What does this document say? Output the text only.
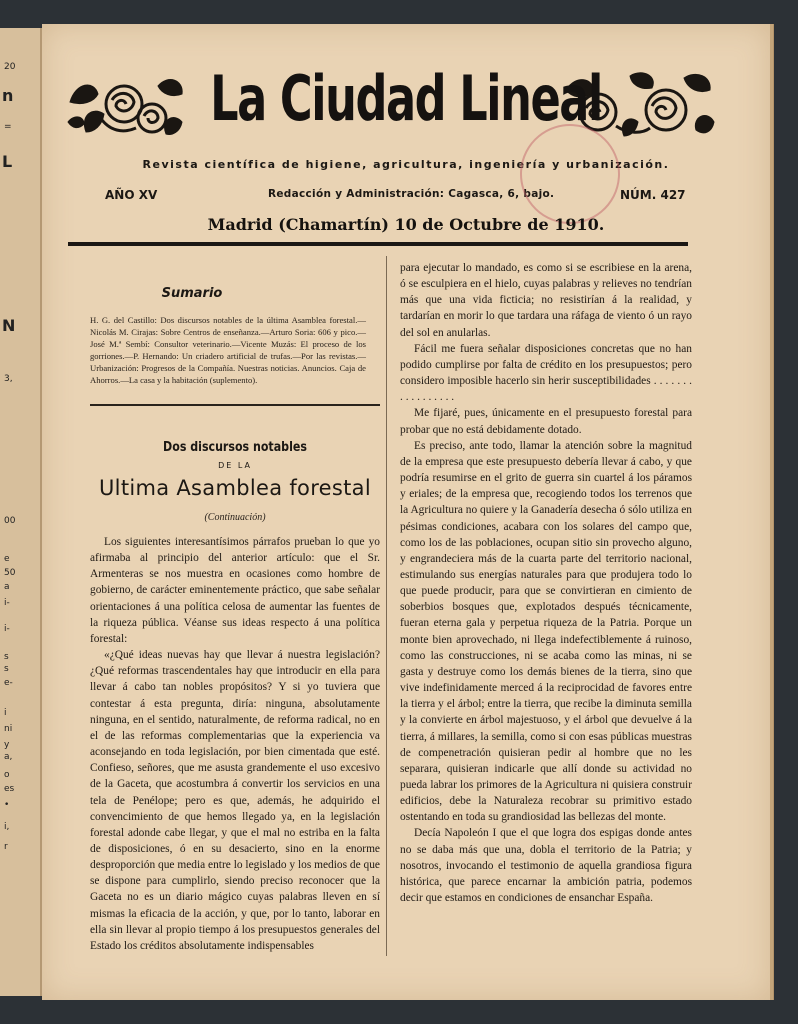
20
n
=
L
N
3,
00
e
50
a
i-
i-
s
s
e-
i
ni
y
a,
o
es
•
i,
r
La Ciudad Lineal
Revista científica de higiene, agricultura, ingeniería y urbanización.
AÑO XV	Redacción y Administración: Cagasca, 6, bajo.	NÚM. 427
Madrid (Chamartín) 10 de Octubre de 1910.
Sumario
H. G. del Castillo: Dos discursos notables de la última Asamblea forestal.—Nicolás M. Cirajas: Sobre Centros de enseñanza.—Arturo Soria: 606 y pico.—José M.ª Sembí: Consultor veterinario.—Vicente Muzás: El proceso de los gorriones.—P. Hernando: Un criadero artificial de trufas.—Por las revistas.—Urbanización: Progresos de la Compañía. Nuestras noticias. Anuncios. Caja de Ahorros.—La casa y la habitación (suplemento).
Dos discursos notables
DE LA
Ultima Asamblea forestal
(Continuación)

Los siguientes interesantísimos párrafos prueban lo que yo afirmaba al principio del anterior artículo: que el Sr. Armenteras se nos muestra en ocasiones como hombre de gobierno, de carácter eminentemente práctico, que sabe señalar orientaciones á una política celosa de aumentar las fuentes de la riqueza pública. Véanse sus ideas respecto á una política forestal:

«¿Qué ideas nuevas hay que llevar á nuestra legislación? ¿Qué reformas trascendentales hay que introducir en ella para llevar á cabo tan nobles propósitos? Y si yo tuviera que contestar á esta pregunta, diría: ninguna, absolutamente ninguna, en el sentido, naturalmente, de reforma radical, no en el de las reformas complementarias que la experiencia va aconsejando en toda legislación, por bien cimentada que esté. Confieso, señores, que me asusta grandemente el uso excesivo de la Gaceta, que acostumbra á convertir los servicios en una tela de Penélope; pero es que, además, he adquirido el convencimiento de que hemos llegado ya, en la legislación forestal adonde cabe llegar, y que el mal no estriba en la falta de disposiciones, ó en su desacierto, sino en la enorme desproporción que media entre lo legislado y los medios de que se dispone para cumplirlo, siendo preciso reconocer que la Gaceta no es un diario mágico cuyas palabras lleven en sí mismas la eficacia de la acción, y que, por lo tanto, laborar en ella sin llevar al propio tiempo á los presupuestos generales del Estado los créditos absolutamente indispensables

para ejecutar lo mandado, es como si se escribiese en la arena, ó se esculpiera en el hielo, cuyas palabras y relieves no tendrían más que una vida ficticia; no resistirían á la realidad, y tardarían en morir lo que tardara una ráfaga de viento ó un rayo del sol en anularlas.

Fácil me fuera señalar disposiciones concretas que no han podido cumplirse por falta de crédito en los presupuestos; pero considero imposible hacerlo sin herir susceptibilidades . . . . . . . . . . . . . . . . .

Me fijaré, pues, únicamente en el presupuesto forestal para probar que no está debidamente dotado.

Es preciso, ante todo, llamar la atención sobre la magnitud de la empresa que este presupuesto debería llevar á cabo, y que podría resumirse en el grito de guerra sin cuartel á los páramos y eriales; de la empresa que, recogiendo todos los terrenos que la Agricultura no quiere y la Ganadería desecha ó sólo utiliza en pésimas condiciones, acabara con los solares del campo que, como los de las poblaciones, ocupan sitio sin provecho alguno, y engrandeciera más de la cuarta parte del territorio nacional, estimulando sus energías naturales para que produjera todo lo que puede producir, para que se convirtieran en cimiento de soberbios bosques que, explotados después técnicamente, fueran eterna gala y perpetua riqueza de la Patria. Porque un monte bien aprovechado, ni llega indefectiblemente á ruinoso, como las construcciones, ni se acaba como las minas, ni se gasta y destruye como los demás bienes de la tierra, sino que vive indefinidamente merced á la reciprocidad de favores entre la tierra y el árbol; entre la tierra, que recibe la diminuta semilla y la convierte en árbol majestuoso, y el árbol que devuelve á la tierra, á millares, la semilla, como si con esas públicas muestras de compenetración quisieran pedir al hombre que no les separara, quisieran indicarle que allí donde su actividad no pueda labrar los primores de la Agricultura ni quisiera construir edificios, debe la Naturaleza recobrar su primitivo estado ostentando en toda su grandiosidad las bellezas del monte.

Decía Napoleón I que el que logra dos espigas donde antes no se daba más que una, dobla el territorio de la Patria; y nosotros, invocando el testimonio de aquella grandiosa figura histórica, que parece encarnar la ambición patria, podemos decir que estamos en condiciones de ensanchar España.
